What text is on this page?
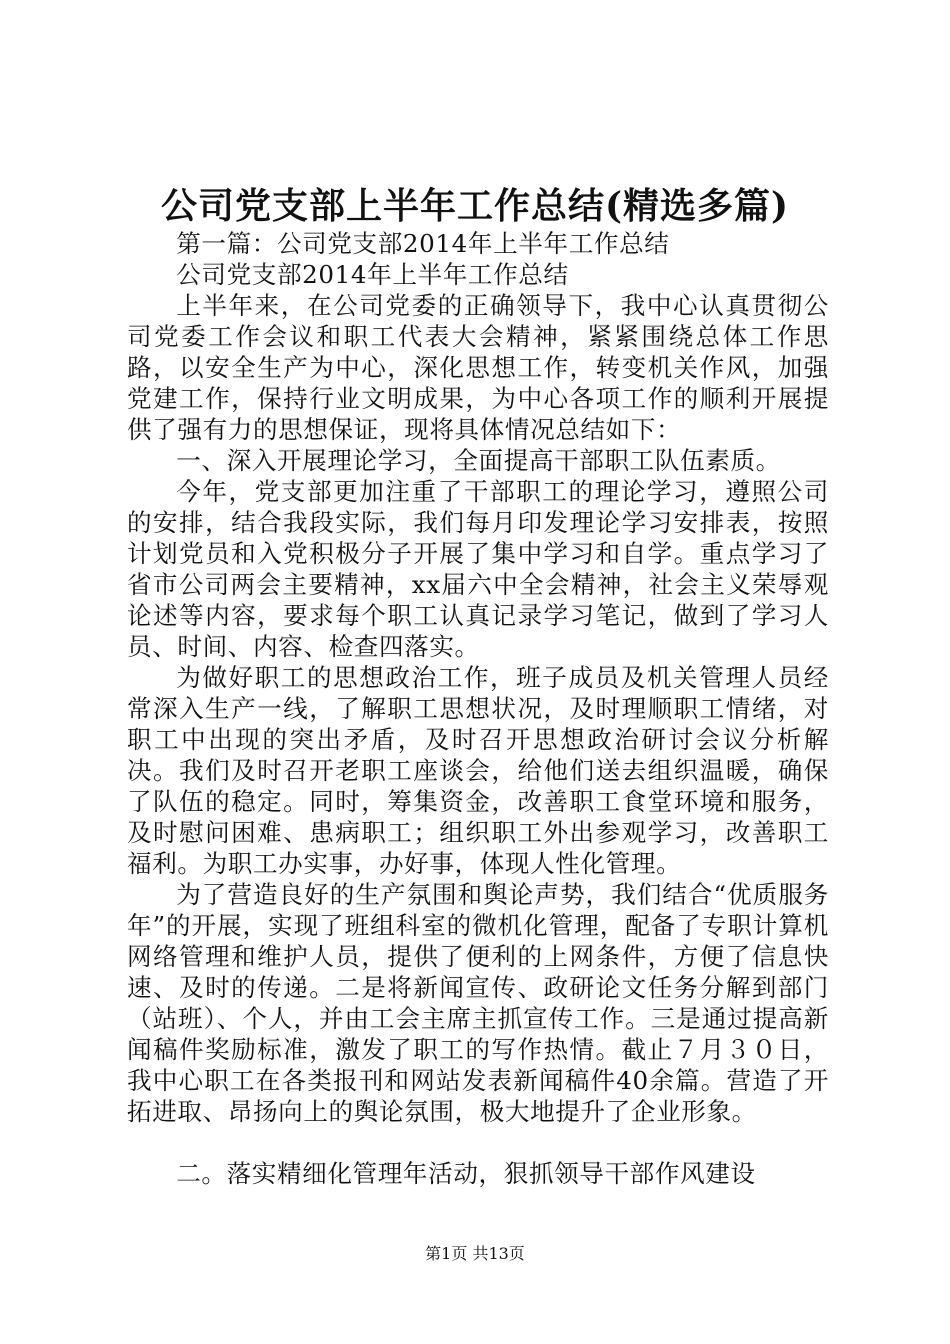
公司党支部上半年工作总结(精选多篇)

第一篇：公司党支部2014年上半年工作总结

公司党支部2014年上半年工作总结

上半年来，在公司党委的正确领导下，我中心认真贯彻公司党委工作会议和职工代表大会精神，紧紧围绕总体工作思路，以安全生产为中心，深化思想工作，转变机关作风，加强党建工作，保持行业文明成果，为中心各项工作的顺利开展提供了强有力的思想保证，现将具体情况总结如下：

一、深入开展理论学习，全面提高干部职工队伍素质。

今年，党支部更加注重了干部职工的理论学习，遵照公司的安排，结合我段实际，我们每月印发理论学习安排表，按照计划党员和入党积极分子开展了集中学习和自学。重点学习了省市公司两会主要精神，xx届六中全会精神，社会主义荣辱观论述等内容，要求每个职工认真记录学习笔记，做到了学习人员、时间、内容、检查四落实。

为做好职工的思想政治工作，班子成员及机关管理人员经常深入生产一线，了解职工思想状况，及时理顺职工情绪，对职工中出现的突出矛盾，及时召开思想政治研讨会议分析解决。我们及时召开老职工座谈会，给他们送去组织温暖，确保了队伍的稳定。同时，筹集资金，改善职工食堂环境和服务，及时慰问困难、患病职工；组织职工外出参观学习，改善职工福利。为职工办实事，办好事，体现人性化管理。

为了营造良好的生产氛围和舆论声势，我们结合“优质服务年”的开展，实现了班组科室的微机化管理，配备了专职计算机网络管理和维护人员，提供了便利的上网条件，方便了信息快速、及时的传递。二是将新闻宣传、政研论文任务分解到部门（站班）、个人，并由工会主席主抓宣传工作。三是通过提高新闻稿件奖励标准，激发了职工的写作热情。截止７月３０日，我中心职工在各类报刊和网站发表新闻稿件40余篇。营造了开拓进取、昂扬向上的舆论氛围，极大地提升了企业形象。

二。落实精细化管理年活动，狠抓领导干部作风建设

第1页 共13页
